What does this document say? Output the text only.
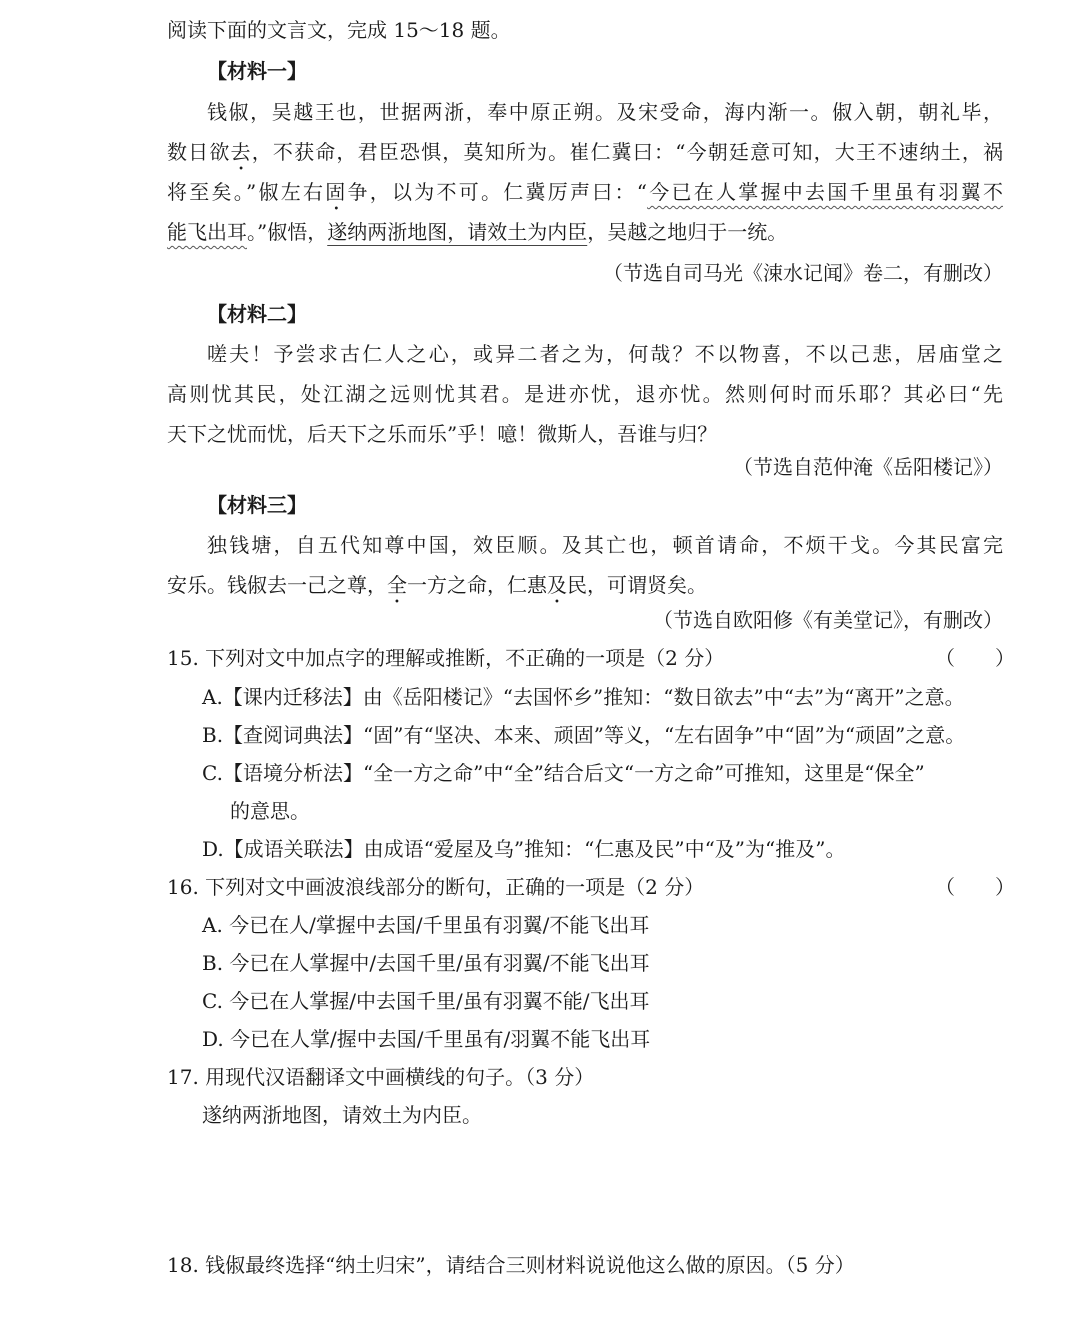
阅读下面的文言文，完成 15～18 题。
【材料一】
钱俶，吴越王也，世据两浙，奉中原正朔。及宋受命，海内渐一。俶入朝，朝礼毕，
数日欲去，不获命，君臣恐惧，莫知所为。崔仁冀曰：“今朝廷意可知，大王不速纳土，祸
将至矣。”俶左右固争，以为不可。仁冀厉声曰：“今已在人掌握中去国千里虽有羽翼不
能飞出耳。”俶悟，遂纳两浙地图，请效土为内臣，吴越之地归于一统。
（节选自司马光《涑水记闻》卷二，有删改）
【材料二】
嗟夫！予尝求古仁人之心，或异二者之为，何哉？不以物喜，不以己悲，居庙堂之
高则忧其民，处江湖之远则忧其君。是进亦忧，退亦忧。然则何时而乐耶？其必曰“先
天下之忧而忧，后天下之乐而乐”乎！噫！微斯人，吾谁与归？
（节选自范仲淹《岳阳楼记》）
【材料三】
独钱塘，自五代知尊中国，效臣顺。及其亡也，顿首请命，不烦干戈。今其民富完
安乐。钱俶去一己之尊，全一方之命，仁惠及民，可谓贤矣。
（节选自欧阳修《有美堂记》，有删改）
15. 下列对文中加点字的理解或推断，不正确的一项是（2 分）	（　　）
A.【课内迁移法】由《岳阳楼记》“去国怀乡”推知：“数日欲去”中“去”为“离开”之意。
B.【查阅词典法】“固”有“坚决、本来、顽固”等义，“左右固争”中“固”为“顽固”之意。
C.【语境分析法】“全一方之命”中“全”结合后文“一方之命”可推知，这里是“保全”
的意思。
D.【成语关联法】由成语“爱屋及乌”推知：“仁惠及民”中“及”为“推及”。
16. 下列对文中画波浪线部分的断句，正确的一项是（2 分）	（　　）
A. 今已在人/掌握中去国/千里虽有羽翼/不能飞出耳
B. 今已在人掌握中/去国千里/虽有羽翼/不能飞出耳
C. 今已在人掌握/中去国千里/虽有羽翼不能/飞出耳
D. 今已在人掌/握中去国/千里虽有/羽翼不能飞出耳
17. 用现代汉语翻译文中画横线的句子。（3 分）
遂纳两浙地图，请效土为内臣。
18. 钱俶最终选择“纳土归宋”，请结合三则材料说说他这么做的原因。（5 分）
